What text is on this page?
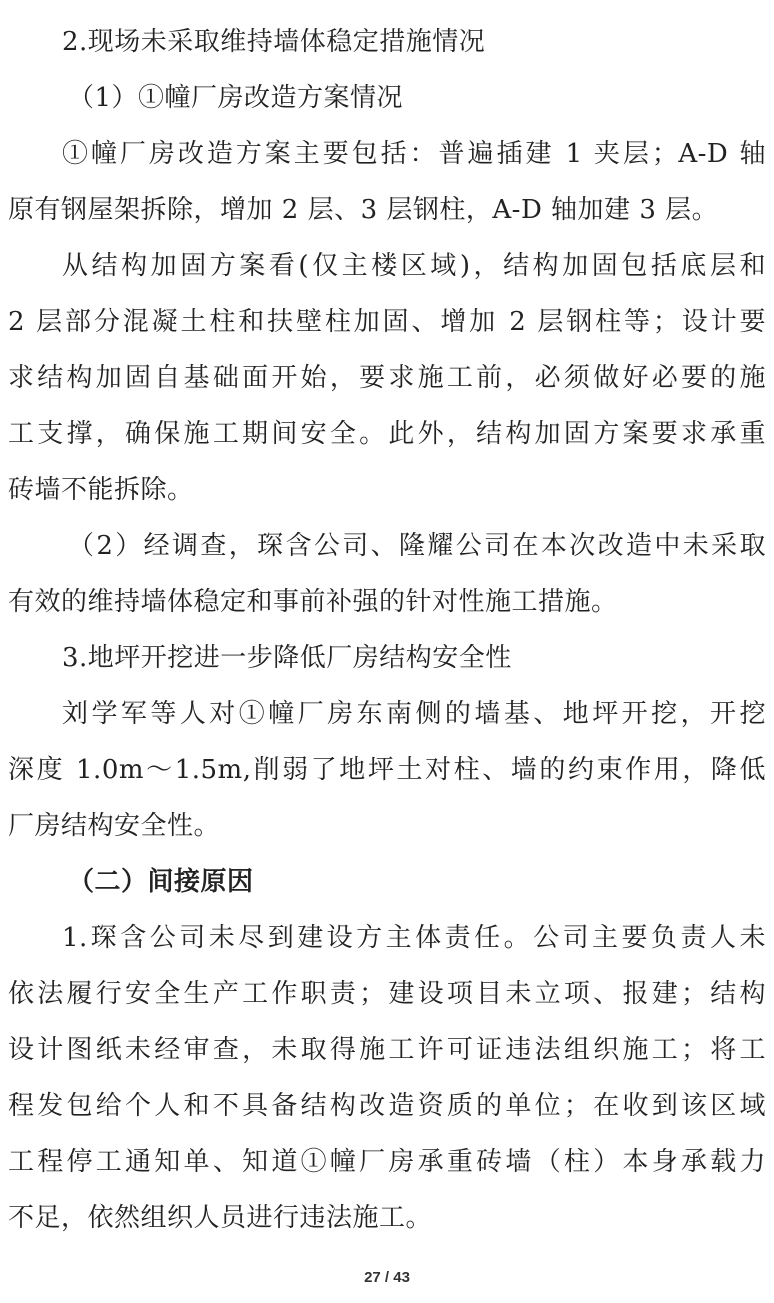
2.现场未采取维持墙体稳定措施情况
（1）①幢厂房改造方案情况
①幢厂房改造方案主要包括：普遍插建 1 夹层；A-D 轴
原有钢屋架拆除，增加 2 层、3 层钢柱，A-D 轴加建 3 层。
从结构加固方案看(仅主楼区域)，结构加固包括底层和
2 层部分混凝土柱和扶壁柱加固、增加 2 层钢柱等；设计要
求结构加固自基础面开始，要求施工前，必须做好必要的施
工支撑，确保施工期间安全。此外，结构加固方案要求承重
砖墙不能拆除。
（2）经调查，琛含公司、隆耀公司在本次改造中未采取
有效的维持墙体稳定和事前补强的针对性施工措施。
3.地坪开挖进一步降低厂房结构安全性
刘学军等人对①幢厂房东南侧的墙基、地坪开挖，开挖
深度 1.0m～1.5m,削弱了地坪土对柱、墙的约束作用，降低
厂房结构安全性。
（二）间接原因
1.琛含公司未尽到建设方主体责任。公司主要负责人未
依法履行安全生产工作职责；建设项目未立项、报建；结构
设计图纸未经审查，未取得施工许可证违法组织施工；将工
程发包给个人和不具备结构改造资质的单位；在收到该区域
工程停工通知单、知道①幢厂房承重砖墙（柱）本身承载力
不足，依然组织人员进行违法施工。
27 / 43
